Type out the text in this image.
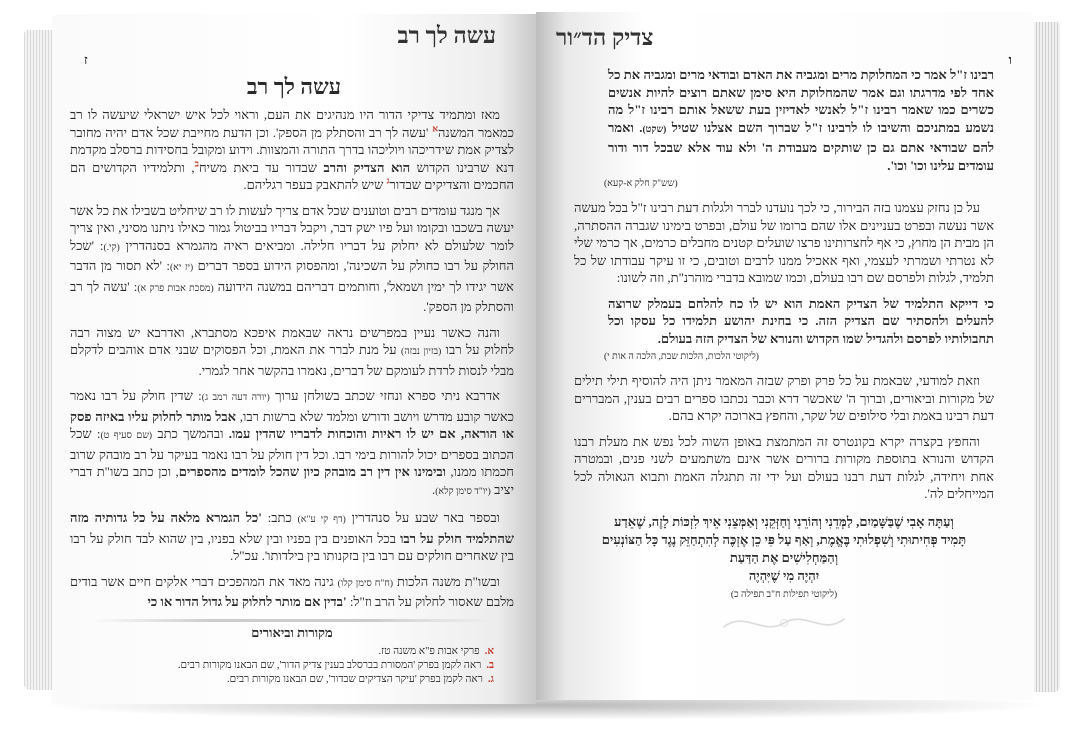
עשה לך רב
ז
עשה לך רב

מאז ומתמיד צדיקי הדור היו מנהיגים את העם, וראוי לכל איש ישראלי שיעשה לו רב כמאמר המשנה$^א$ 'עשה לך רב והסתלק מן הספק'. וכן הדעת מחייבת שכל אדם יהיה מחובר לצדיק אמת שידריכהו ויוליכהו בדרך התורה והמצוות. וידוע ומקובל בחסידות ברסלב מקדמת דנא שרבינו הקדוש הוא הצדיק והרב שבדור עד ביאת משיח$^ב$, ותלמידיו הקדושים הם החכמים והצדיקים שבדור$^ג$ שיש להתאבק בעפר רגליהם.

אך מנגד עומדים רבים וטוענים שכל אדם צריך לעשות לו רב שיחליט בשבילו את כל אשר יעשה בשכבו ובקומו ועל פיו ישק דבר, ויקבל דבריו בביטול גמור כאילו ניתנו מסיני, ואין צריך לומר שלעולם לא יחלוק על דבריו חלילה. ומביאים ראיה מהגמרא בסנהדרין (קי.): 'שכל החולק על רבו כחולק על השכינה', ומהפסוק הידוע בספר דברים (יז יא): 'לא תסור מן הדבר אשר יגידו לך ימין ושמאל', וחותמים דבריהם במשנה הידועה (מסכת אבות פרק א): 'עשה לך רב והסתלק מן הספק'.

והנה כאשר נעיין במפרשים נראה שבאמת איפכא מסתברא, ואדרבא יש מצוה רבה לחלוק על רבו (בזיון נבזה) על מנת לברר את האמת, וכל הפסוקים שבני אדם אוהבים לדקלם מבלי לנסות לרדת לעומקם של דברים, נאמרו בהקשר אחר לגמרי.

אדרבא ניתי ספרא ונחזי שכתב בשולחן ערוך (יורה דעה רמב ג): שדין חולק על רבו נאמר כאשר קובע מדרש ויושב ודורש ומלמד שלא ברשות רבו, אבל מותר לחלוק עליו באיזה פסק או הוראה, אם יש לו ראיות והוכחות לדבריו שהדין עמו. ובהמשך כתב (שם סעיף ט): שכל הכתוב בספרים יכול להורות בימי רבו. וכל דין חולק על רבו נאמר בעיקר על רב מובהק שרוב חכמתו ממנו, ובימינו אין דין רב מובהק כיון שהכל לומדים מהספרים, וכן כתב בשו"ת דברי יציב (יו"ד סימן קלא).

ובספר באר שבע על סנהדרין (דף קי ע"א) כתב: 'כל הגמרא מלאה על כל גדותיה מזה שהתלמיד חולק על רבו בכל האופנים בין בפניו ובין שלא בפניו, בין שהוא לבד חולק על רבו בין שאחרים חולקים עם רבו בין בזקנותו בין בילדותו'. עכ"ל.

ובשו"ת משנה הלכות (ח"ח סימן קלו) גינה מאד את המהפכים דברי אלקים חיים אשר בודים מלבם שאסור לחלוק על הרב וז"ל: 'בדין אם מותר לחלוק על גדול הדור או כי

מקורות וביאורים
א.פרקי אבות פ"א משנה טז.
ב.ראה לקמן בפרק 'המסורת בברסלב בענין צדיק הדור', שם הבאנו מקורות רבים.
ג.ראה לקמן בפרק 'עיקר הצדיקים שבדור', שם הבאנו מקורות רבים.
צדיק הד״ור
ו

רבינו ז"ל אמר כי המחלוקת מרים ומגביה את האדם ובודאי מרים ומגביה את כל אחד לפי מדרגתו וגם אמר שהמחלוקת היא סימן שאתם רוצים להיות אנשים כשרים כמו שאמר רבינו ז"ל לאנשי לאדיזין בעת ששאל אותם רבינו ז"ל מה נשמע במתניכם והשיבו לו לרבינו ז"ל שברוך השם אצלנו שטיל (שקט). ואמר להם שבודאי אתם גם כן שותקים מעבודת ה' ולא עוד אלא שבכל דור ודור עומדים עלינו וכו' וכו'.

(שש"ק חלק א-קעא)

על כן נחזק עצמנו בזה הבירור, כי לכך נועדנו לברר ולגלות דעת רבינו ז"ל בכל מעשה אשר נעשה ובפרט בעניינים אלו שהם ברומו של עולם, ובפרט בימינו שגברה ההסתרה, הן מבית הן מחוץ, כי אף לחצרותינו פרצו שועלים קטנים מחבלים כרמים, אך כרמי שלי לא נטרתי ושמרתי לעצמי, ואף אאכיל ממנו לרבים וטובים, כי זו עיקר עבודתו של כל תלמיד, לגלות ולפרסם שם רבו בעולם, וכמו שמובא בדברי מוהרנ"ת, וזה לשונו:

כי דייקא התלמיד של הצדיק האמת הוא יש לו כח להלחם בעמלק שרוצה להעלים ולהסתיר שם הצדיק הזה. כי בחינת יהושע תלמידו כל עסקו וכל תחבולותיו לפרסם ולהגדיל שמו הקדוש והנורא של הצדיק הזה בעולם.

(ליקוטי הלכות, הלכות שבת, הלכה ה אות י)

וזאת למודעי, שבאמת על כל פרק ופרק שבזה המאמר ניתן היה להוסיף תילי תילים של מקורות וביאורים, וברוך ה' שאכשר דרא וכבר נכתבו ספרים רבים בענין, המבררים דעת רבינו באמת ובלי סילופים של שקר, והחפץ בארוכה יקרא בהם.

והחפץ בקצרה יקרא בקונטרס זה המתמצת באופן השוה לכל נפש את מעלת רבנו הקדוש והנורא בתוספת מקורות ברורים אשר אינם משתמעים לשני פנים, ובמטרה אחת ויחידה, לגלות דעת רבנו בעולם ועל ידי זה תתגלה האמת ותבוא הגאולה לכל המייחלים לה'.

וְעַתָּה אָבִי שֶׁבַּשָּׁמַיִם, לַמְּדֵנִי וְהוֹרֵנִי וְחַזְּקֵנִי וְאַמְּצֵנִי אֵיךְ לִזְכּוֹת לָזֶה, שֶׁאֵדַע
תָּמִיד פְּחִיתוּתִי וְשִׁפְלוּתִי בֶּאֱמֶת, וְאַף עַל פִּי כֵן אֶזְכֶּה לְהִתְחַזֵּק נֶגֶד כָּל הַצּוֹנְעִים
וְהַמַּחְלִישִׁים אֶת הַדַּעַת
יִהְיֶה מִי שֶׁיִּהְיֶה
(ליקוטי תפילות ח"ב תפילה כ)
